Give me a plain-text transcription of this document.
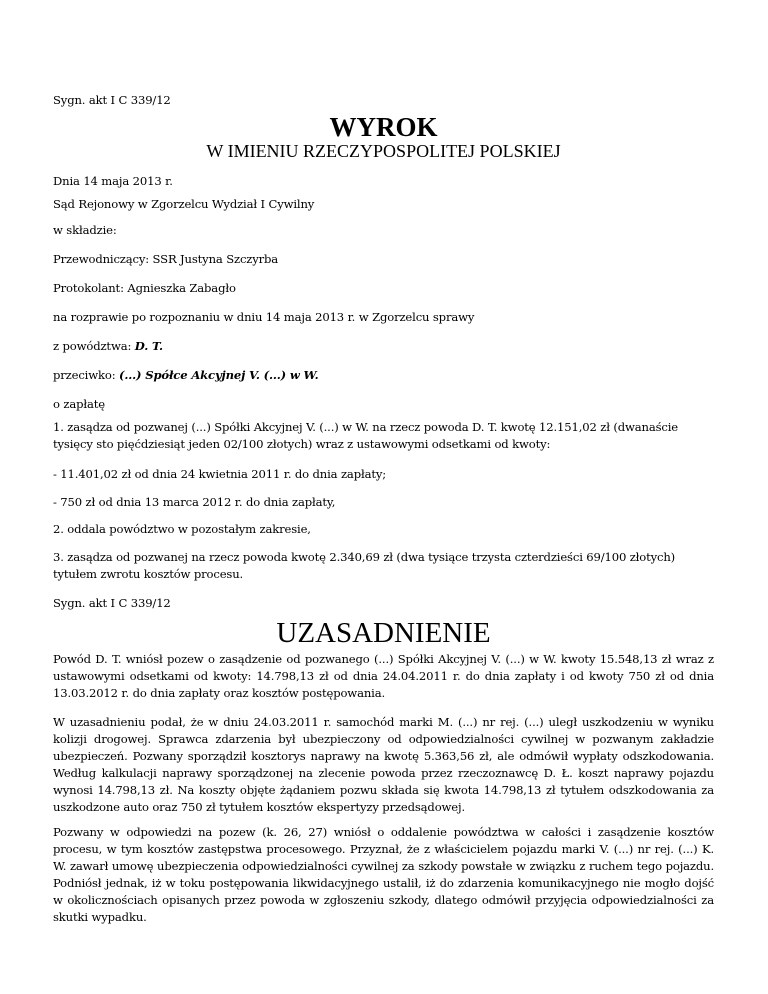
Sygn. akt I C 339/12

WYROK
W IMIENIU RZECZYPOSPOLITEJ POLSKIEJ

Dnia 14 maja 2013 r.

Sąd Rejonowy w Zgorzelcu Wydział I Cywilny

w składzie:

Przewodniczący: SSR Justyna Szczyrba

Protokolant: Agnieszka Zabagło

na rozprawie po rozpoznaniu w dniu 14 maja 2013 r. w Zgorzelcu sprawy

z powództwa: D. T.

przeciwko: (...) Spółce Akcyjnej V. (...) w W.

o zapłatę

1. zasądza od pozwanej (...) Spółki Akcyjnej V. (...) w W. na rzecz powoda D. T. kwotę 12.151,02 zł (dwanaście tysięcy sto pięćdziesiąt jeden 02/100 złotych) wraz z ustawowymi odsetkami od kwoty:

- 11.401,02 zł od dnia 24 kwietnia 2011 r. do dnia zapłaty;

- 750 zł od dnia 13 marca 2012 r. do dnia zapłaty,

2. oddala powództwo w pozostałym zakresie,

3. zasądza od pozwanej na rzecz powoda kwotę 2.340,69 zł (dwa tysiące trzysta czterdzieści 69/100 złotych) tytułem zwrotu kosztów procesu.

Sygn. akt I C 339/12

UZASADNIENIE

Powód D. T. wniósł pozew o zasądzenie od pozwanego (...) Spółki Akcyjnej V. (...) w W. kwoty 15.548,13 zł wraz z ustawowymi odsetkami od kwoty: 14.798,13 zł od dnia 24.04.2011 r. do dnia zapłaty i od kwoty 750 zł od dnia 13.03.2012 r. do dnia zapłaty oraz kosztów postępowania.

W uzasadnieniu podał, że w dniu 24.03.2011 r. samochód marki M. (...) nr rej. (...) uległ uszkodzeniu w wyniku kolizji drogowej. Sprawca zdarzenia był ubezpieczony od odpowiedzialności cywilnej w pozwanym zakładzie ubezpieczeń. Pozwany sporządził kosztorys naprawy na kwotę 5.363,56 zł, ale odmówił wypłaty odszkodowania. Według kalkulacji naprawy sporządzonej na zlecenie powoda przez rzeczoznawcę D. Ł. koszt naprawy pojazdu wynosi 14.798,13 zł. Na koszty objęte żądaniem pozwu składa się kwota 14.798,13 zł tytułem odszkodowania za uszkodzone auto oraz 750 zł tytułem kosztów ekspertyzy przedsądowej.

Pozwany w odpowiedzi na pozew (k. 26, 27) wniósł o oddalenie powództwa w całości i zasądzenie kosztów procesu, w tym kosztów zastępstwa procesowego. Przyznał, że z właścicielem pojazdu marki V. (...) nr rej. (...) K. W. zawarł umowę ubezpieczenia odpowiedzialności cywilnej za szkody powstałe w związku z ruchem tego pojazdu. Podniósł jednak, iż w toku postępowania likwidacyjnego ustalił, iż do zdarzenia komunikacyjnego nie mogło dojść w okolicznościach opisanych przez powoda w zgłoszeniu szkody, dlatego odmówił przyjęcia odpowiedzialności za skutki wypadku.
